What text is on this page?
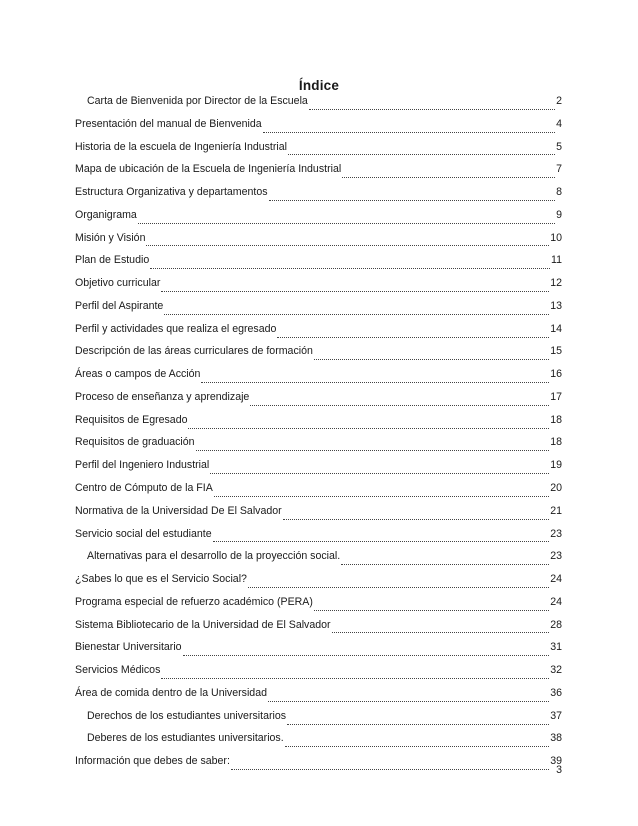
Índice
Carta de Bienvenida por Director de la Escuela	2
Presentación del manual de Bienvenida	4
Historia de la escuela de Ingeniería Industrial	5
Mapa de ubicación de la Escuela de Ingeniería Industrial	7
Estructura Organizativa y departamentos	8
Organigrama	9
Misión y Visión	10
Plan de Estudio	11
Objetivo curricular	12
Perfil del Aspirante	13
Perfil y actividades que realiza el egresado	14
Descripción de las áreas curriculares de formación	15
Áreas o campos de Acción	16
Proceso de enseñanza y aprendizaje	17
Requisitos de Egresado	18
Requisitos de graduación	18
Perfil del Ingeniero Industrial	19
Centro de Cómputo de la FIA	20
Normativa de la Universidad De El Salvador	21
Servicio social del estudiante	23
Alternativas para el desarrollo de la proyección social.	23
¿Sabes lo que es el Servicio Social?	24
Programa especial de refuerzo académico (PERA)	24
Sistema Bibliotecario de la Universidad de El Salvador	28
Bienestar Universitario	31
Servicios Médicos	32
Área de comida dentro de la Universidad	36
Derechos de los estudiantes universitarios	37
Deberes de los estudiantes universitarios.	38
Información que debes de saber:	39
3
